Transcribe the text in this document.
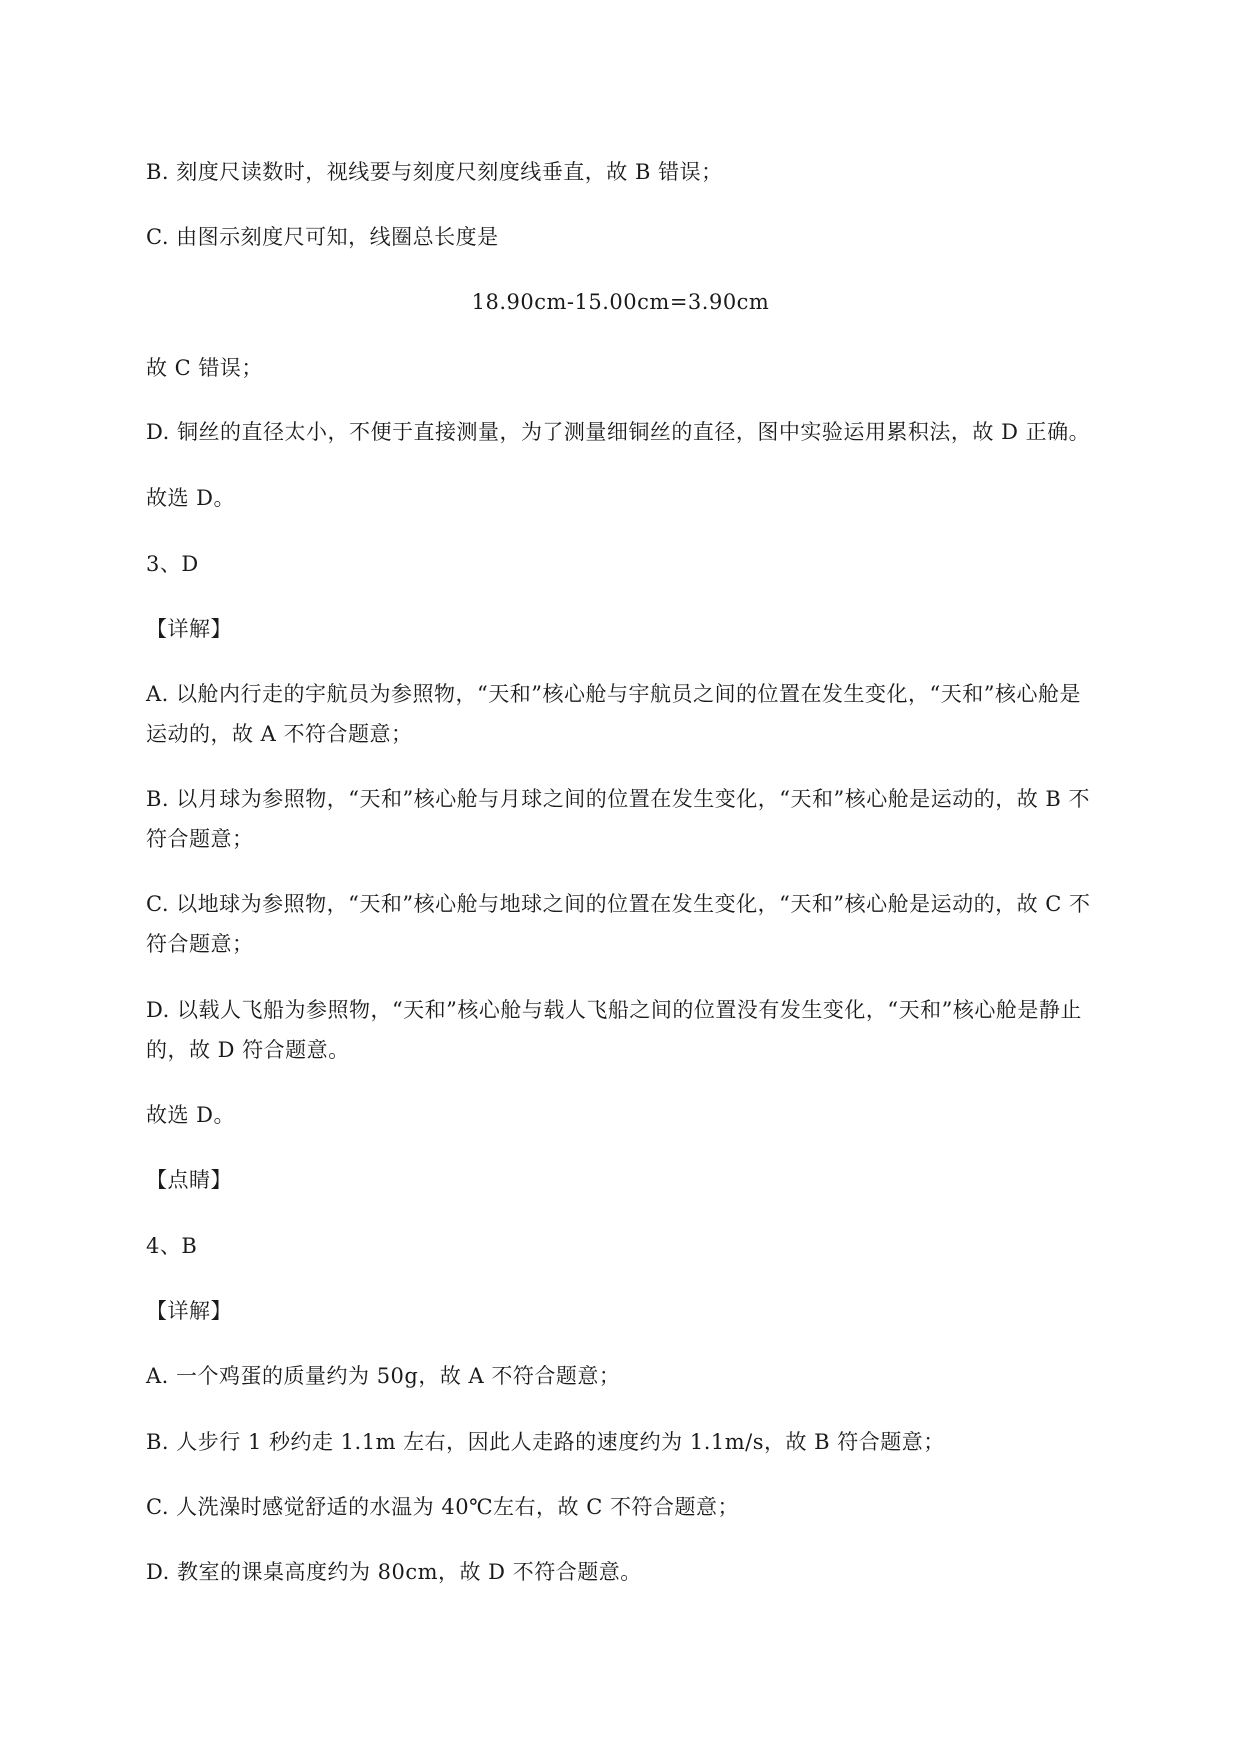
B. 刻度尺读数时，视线要与刻度尺刻度线垂直，故 B 错误；
C. 由图示刻度尺可知，线圈总长度是
18.90cm-15.00cm=3.90cm
故 C 错误；
D. 铜丝的直径太小，不便于直接测量，为了测量细铜丝的直径，图中实验运用累积法，故 D 正确。
故选 D。
3、D
【详解】
A. 以舱内行走的宇航员为参照物，“天和”核心舱与宇航员之间的位置在发生变化，“天和”核心舱是
运动的，故 A 不符合题意；
B. 以月球为参照物，“天和”核心舱与月球之间的位置在发生变化，“天和”核心舱是运动的，故 B 不
符合题意；
C. 以地球为参照物，“天和”核心舱与地球之间的位置在发生变化，“天和”核心舱是运动的，故 C 不
符合题意；
D. 以载人飞船为参照物，“天和”核心舱与载人飞船之间的位置没有发生变化，“天和”核心舱是静止
的，故 D 符合题意。
故选 D。
【点睛】
4、B
【详解】
A. 一个鸡蛋的质量约为 50g，故 A 不符合题意；
B. 人步行 1 秒约走 1.1m 左右，因此人走路的速度约为 1.1m/s，故 B 符合题意；
C. 人洗澡时感觉舒适的水温为 40℃左右，故 C 不符合题意；
D. 教室的课桌高度约为 80cm，故 D 不符合题意。
